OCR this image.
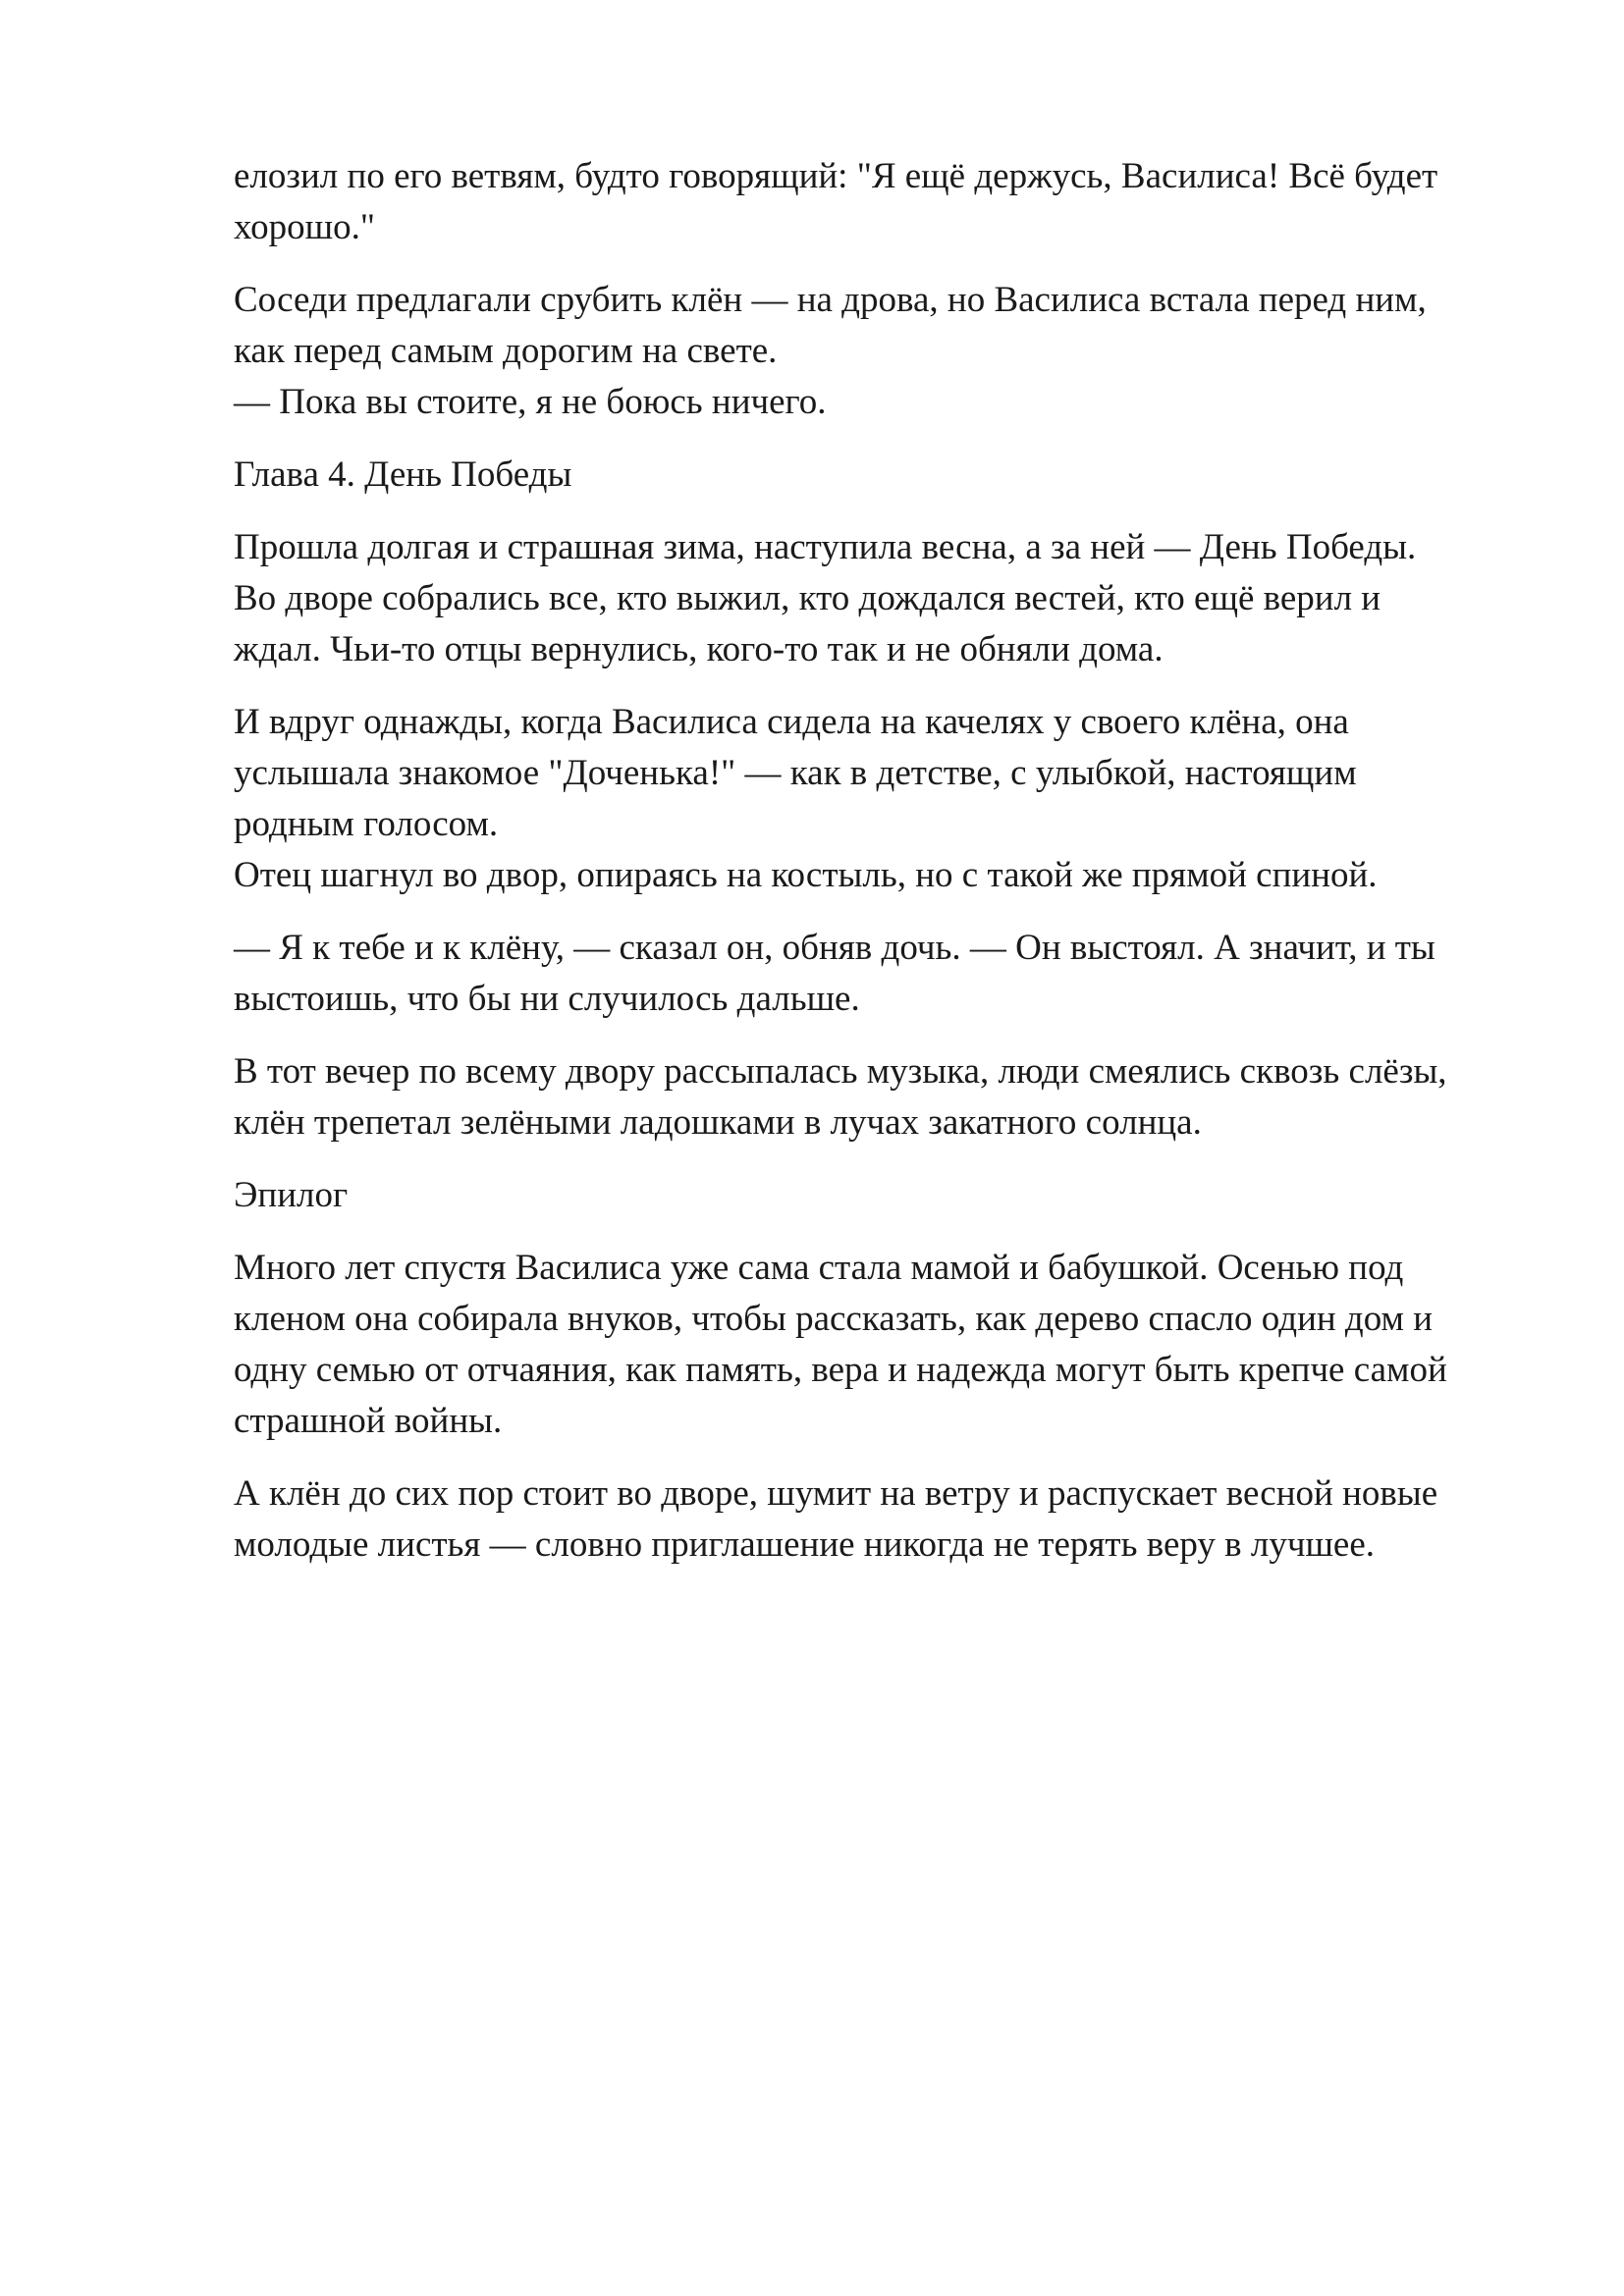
елозил по его ветвям, будто говорящий: "Я ещё держусь, Василиса! Всё будет
хорошо."

Соседи предлагали срубить клён — на дрова, но Василиса встала перед ним,
как перед самым дорогим на свете.
— Пока вы стоите, я не боюсь ничего.

Глава 4. День Победы

Прошла долгая и страшная зима, наступила весна, а за ней — День Победы.
Во дворе собрались все, кто выжил, кто дождался вестей, кто ещё верил и
ждал. Чьи-то отцы вернулись, кого-то так и не обняли дома.

И вдруг однажды, когда Василиса сидела на качелях у своего клёна, она
услышала знакомое "Доченька!" — как в детстве, с улыбкой, настоящим
родным голосом.
Отец шагнул во двор, опираясь на костыль, но с такой же прямой спиной.

— Я к тебе и к клёну, — сказал он, обняв дочь. — Он выстоял. А значит, и ты
выстоишь, что бы ни случилось дальше.

В тот вечер по всему двору рассыпалась музыка, люди смеялись сквозь слёзы,
клён трепетал зелёными ладошками в лучах закатного солнца.

Эпилог

Много лет спустя Василиса уже сама стала мамой и бабушкой. Осенью под
кленом она собирала внуков, чтобы рассказать, как дерево спасло один дом и
одну семью от отчаяния, как память, вера и надежда могут быть крепче самой
страшной войны.

А клён до сих пор стоит во дворе, шумит на ветру и распускает весной новые
молодые листья — словно приглашение никогда не терять веру в лучшее.
